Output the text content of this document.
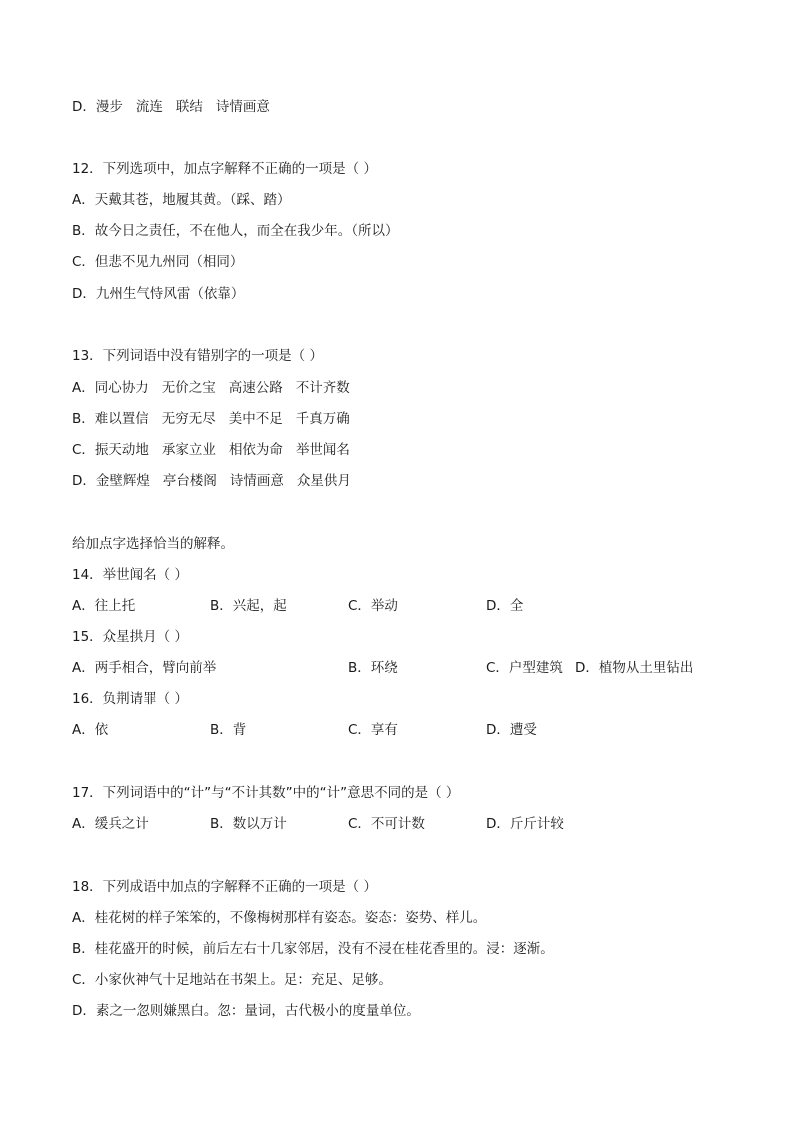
D．漫步 流连 联结 诗情画意
12．下列选项中，加点字解释不正确的一项是（ ）
A．天戴其苍，地履其黄。（踩、踏）
B．故今日之责任，不在他人，而全在我少年。（所以）
C．但悲不见九州同（相同）
D．九州生气恃风雷（依靠）
13．下列词语中没有错别字的一项是（ ）
A．同心协力 无价之宝 高速公路 不计齐数
B．难以置信 无穷无尽 美中不足 千真万确
C．振天动地 承家立业 相依为命 举世闻名
D．金壁辉煌 亭台楼阁 诗情画意 众星供月
给加点字选择恰当的解释。
14．举世闻名（ ）
A．往上托	B．兴起，起	C．举动	D．全
15．众星拱月（ ）
A．两手相合，臂向前举	B．环绕	C．户型建筑 D．植物从土里钻出
16．负荆请罪（ ）
A．依	B．背	C．享有	D．遭受
17．下列词语中的“计”与“不计其数”中的“计”意思不同的是（ ）
A．缓兵之计	B．数以万计	C．不可计数	D．斤斤计较
18．下列成语中加点的字解释不正确的一项是（ ）
A．桂花树的样子笨笨的，不像梅树那样有姿态。姿态：姿势、样儿。
B．桂花盛开的时候，前后左右十几家邻居，没有不浸在桂花香里的。浸：逐渐。
C．小家伙神气十足地站在书架上。足：充足、足够。
D．素之一忽则嫌黑白。忽：量词，古代极小的度量单位。
